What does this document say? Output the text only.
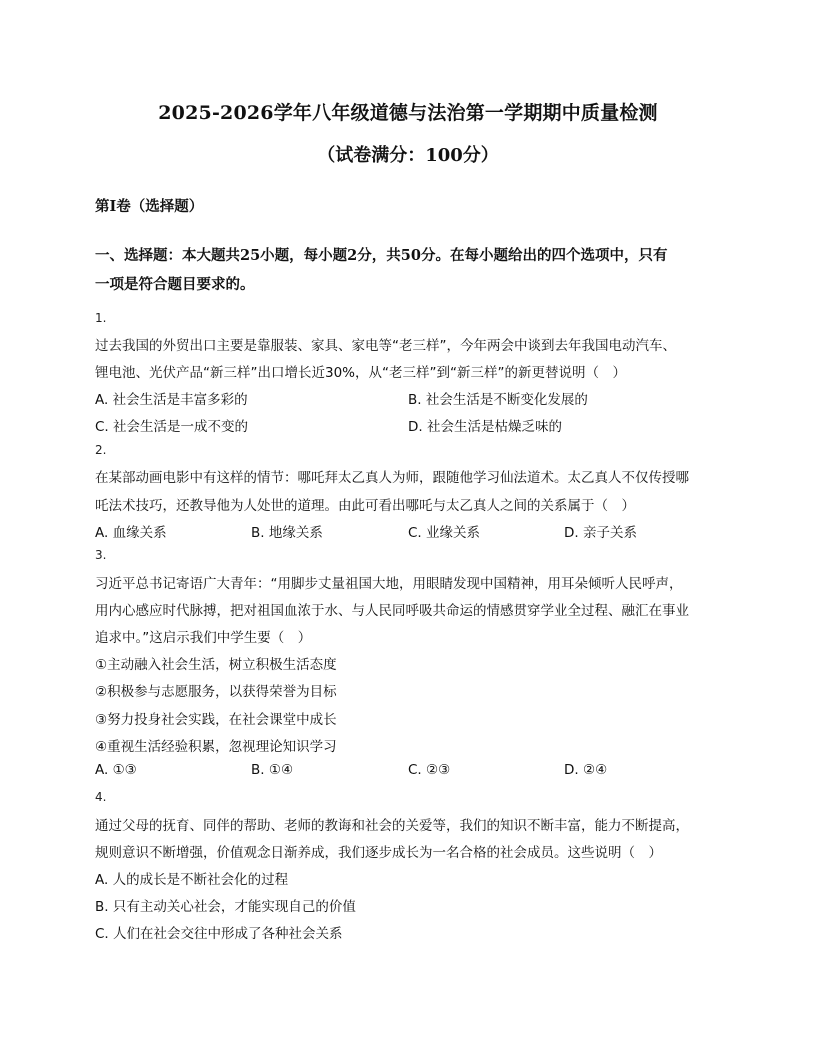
2025-2026学年八年级道德与法治第一学期期中质量检测
（试卷满分：100分）
第Ⅰ卷（选择题）
一、选择题：本大题共25小题，每小题2分，共50分。在每小题给出的四个选项中，只有
一项是符合题目要求的。
1.
过去我国的外贸出口主要是靠服装、家具、家电等“老三样”，今年两会中谈到去年我国电动汽车、
锂电池、光伏产品“新三样”出口增长近30%，从“老三样”到“新三样”的新更替说明（　）
A. 社会生活是丰富多彩的	B. 社会生活是不断变化发展的
C. 社会生活是一成不变的	D. 社会生活是枯燥乏味的
2.
在某部动画电影中有这样的情节：哪吒拜太乙真人为师，跟随他学习仙法道术。太乙真人不仅传授哪
吒法术技巧，还教导他为人处世的道理。由此可看出哪吒与太乙真人之间的关系属于（　）
A. 血缘关系	B. 地缘关系	C. 业缘关系	D. 亲子关系
3.
习近平总书记寄语广大青年：“用脚步丈量祖国大地，用眼睛发现中国精神，用耳朵倾听人民呼声，
用内心感应时代脉搏，把对祖国血浓于水、与人民同呼吸共命运的情感贯穿学业全过程、融汇在事业
追求中。”这启示我们中学生要（　）
①主动融入社会生活，树立积极生活态度
②积极参与志愿服务，以获得荣誉为目标
③努力投身社会实践，在社会课堂中成长
④重视生活经验积累，忽视理论知识学习
A. ①③	B. ①④	C. ②③	D. ②④
4.
通过父母的抚育、同伴的帮助、老师的教诲和社会的关爱等，我们的知识不断丰富，能力不断提高，
规则意识不断增强，价值观念日渐养成，我们逐步成长为一名合格的社会成员。这些说明（　）
A. 人的成长是不断社会化的过程
B. 只有主动关心社会，才能实现自己的价值
C. 人们在社会交往中形成了各种社会关系
